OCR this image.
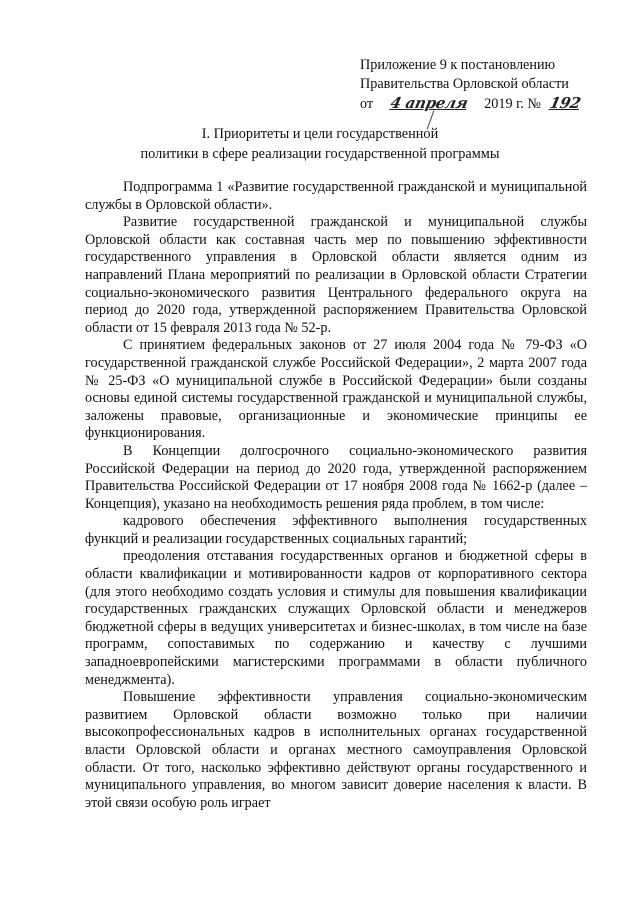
Приложение 9 к постановлению
Правительства Орловской области
от 4 апреля 2019 г. № 192
I. Приоритеты и цели государственной
политики в сфере реализации государственной программы

Подпрограмма 1 «Развитие государственной гражданской и муниципальной службы в Орловской области».

Развитие государственной гражданской и муниципальной службы Орловской области как составная часть мер по повышению эффективности государственного управления в Орловской области является одним из направлений Плана мероприятий по реализации в Орловской области Стратегии социально-экономического развития Центрального федерального округа на период до 2020 года, утвержденной распоряжением Правительства Орловской области от 15 февраля 2013 года № 52-р.

С принятием федеральных законов от 27 июля 2004 года № 79-ФЗ «О государственной гражданской службе Российской Федерации», 2 марта 2007 года № 25-ФЗ «О муниципальной службе в Российской Федерации» были созданы основы единой системы государственной гражданской и муниципальной службы, заложены правовые, организационные и экономические принципы ее функционирования.

В Концепции долгосрочного социально-экономического развития Российской Федерации на период до 2020 года, утвержденной распоряжением Правительства Российской Федерации от 17 ноября 2008 года № 1662-р (далее – Концепция), указано на необходимость решения ряда проблем, в том числе:

кадрового обеспечения эффективного выполнения государственных функций и реализации государственных социальных гарантий;

преодоления отставания государственных органов и бюджетной сферы в области квалификации и мотивированности кадров от корпоративного сектора (для этого необходимо создать условия и стимулы для повышения квалификации государственных гражданских служащих Орловской области и менеджеров бюджетной сферы в ведущих университетах и бизнес-школах, в том числе на базе программ, сопоставимых по содержанию и качеству с лучшими западноевропейскими магистерскими программами в области публичного менеджмента).

Повышение эффективности управления социально-экономическим развитием Орловской области возможно только при наличии высокопрофессиональных кадров в исполнительных органах государственной власти Орловской области и органах местного самоуправления Орловской области. От того, насколько эффективно действуют органы государственного и муниципального управления, во многом зависит доверие населения к власти. В этой связи особую роль играет
